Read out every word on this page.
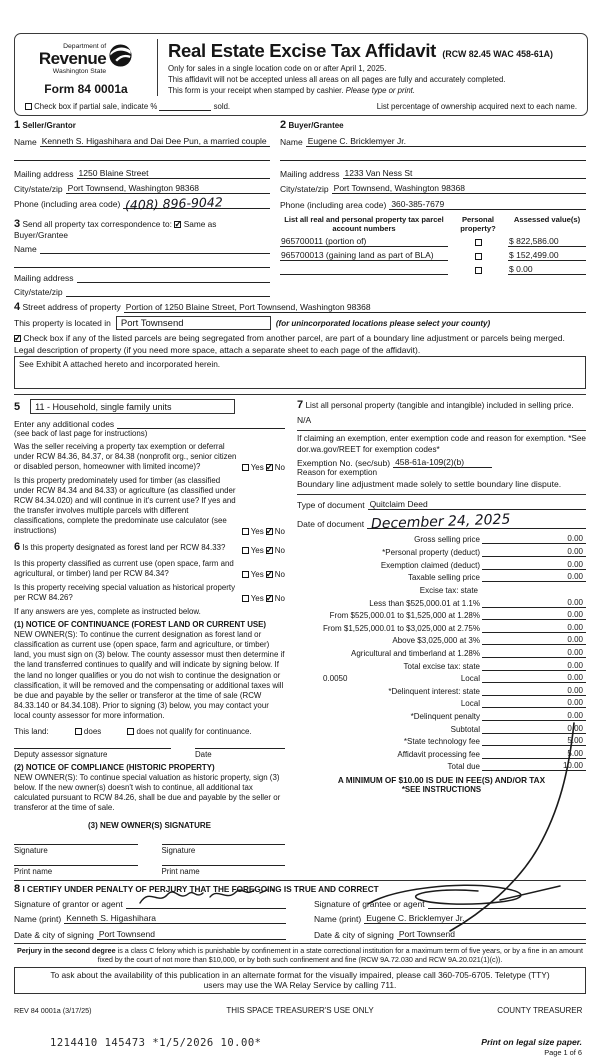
Department of
Revenue
Washington State
Form 84 0001a
Real Estate Excise Tax Affidavit (RCW 82.45 WAC 458-61A)
Only for sales in a single location code on or after April 1, 2025.
This affidavit will not be accepted unless all areas on all pages are fully and accurately completed.
This form is your receipt when stamped by cashier. Please type or print.
Check box if partial sale, indicate %	sold.	List percentage of ownership acquired next to each name.
1 Seller/Grantor
Name Kenneth S. Higashihara and Dai Dee Pun, a married couple
Mailing address 1250 Blaine Street
City/state/zip Port Townsend, Washington 98368
Phone (including area code) (408) 896-9042
3 Send all property tax correspondence to: ✓ Same as Buyer/Grantee
Name
Mailing address
City/state/zip
2 Buyer/Grantee
Name Eugene C. Bricklemyer Jr.
Mailing address 1233 Van Ness St
City/state/zip Port Townsend, Washington 98368
Phone (including area code) 360-385-7679
List all real and personal property tax parcel account numbers
Personal property?
Assessed value(s)
965700011 (portion of)	$ 822,586.00
965700013 (gaining land as part of BLA)	$ 152,499.00
$ 0.00
4 Street address of property Portion of 1250 Blaine Street, Port Townsend, Washington 98368
This property is located in	Port Townsend	(for unincorporated locations please select your county)
✓ Check box if any of the listed parcels are being segregated from another parcel, are part of a boundary line adjustment or parcels being merged.
Legal description of property (if you need more space, attach a separate sheet to each page of the affidavit).
See Exhibit A attached hereto and incorporated herein.
5	11 - Household, single family units
Enter any additional codes
(see back of last page for instructions)
Was the seller receiving a property tax exemption or deferral under RCW 84.36, 84.37, or 84.38 (nonprofit org., senior citizen or disabled person, homeowner with limited income)?	Yes ✓ No
Is this property predominately used for timber (as classified under RCW 84.34 and 84.33) or agriculture (as classified under RCW 84.34.020) and will continue in it's current use? If yes and the transfer involves multiple parcels with different classifications, complete the predominate use calculator (see instructions)	Yes ✓ No
6 Is this property designated as forest land per RCW 84.33?	Yes ✓ No
Is this property classified as current use (open space, farm and agricultural, or timber) land per RCW 84.34?	Yes ✓ No
Is this property receiving special valuation as historical property per RCW 84.26?	Yes ✓ No
If any answers are yes, complete as instructed below.
(1) NOTICE OF CONTINUANCE (FOREST LAND OR CURRENT USE)
NEW OWNER(S): To continue the current designation as forest land or classification as current use (open space, farm and agriculture, or timber) land, you must sign on (3) below. The county assessor must then determine if the land transferred continues to qualify and will indicate by signing below. If the land no longer qualifies or you do not wish to continue the designation or classification, it will be removed and the compensating or additional taxes will be due and payable by the seller or transferor at the time of sale (RCW 84.33.140 or 84.34.108). Prior to signing (3) below, you may contact your local county assessor for more information.
This land:	does	does not qualify for continuance.
Deputy assessor signature	Date
(2) NOTICE OF COMPLIANCE (HISTORIC PROPERTY)
NEW OWNER(S): To continue special valuation as historic property, sign (3) below. If the new owner(s) doesn't wish to continue, all additional tax calculated pursuant to RCW 84.26, shall be due and payable by the seller or transferor at the time of sale.
(3) NEW OWNER(S) SIGNATURE
Signature	Signature
Print name	Print name
7 List all personal property (tangible and intangible) included in selling price.
N/A
If claiming an exemption, enter exemption code and reason for exemption. *See dor.wa.gov/REET for exemption codes*
Exemption No. (sec/sub) 458-61a-109(2)(b)
Reason for exemption
Boundary line adjustment made solely to settle boundary line dispute.
Type of document Quitclaim Deed
Date of document December 24, 2025
Gross selling price	0.00
*Personal property (deduct)	0.00
Exemption claimed (deduct)	0.00
Taxable selling price	0.00
Excise tax: state
Less than $525,000.01 at 1.1%	0.00
From $525,000.01 to $1,525,000 at 1.28%	0.00
From $1,525,000.01 to $3,025,000 at 2.75%	0.00
Above $3,025,000 at 3%	0.00
Agricultural and timberland at 1.28%	0.00
Total excise tax: state	0.00
0.0050	Local	0.00
*Delinquent interest: state	0.00
Local	0.00
*Delinquent penalty	0.00
Subtotal	0.00
*State technology fee	5.00
Affidavit processing fee	5.00
Total due	10.00
A MINIMUM OF $10.00 IS DUE IN FEE(S) AND/OR TAX
*SEE INSTRUCTIONS
8 I CERTIFY UNDER PENALTY OF PERJURY THAT THE FOREGOING IS TRUE AND CORRECT
Signature of grantor or agent
Name (print) Kenneth S. Higashihara
Date & city of signing Port Townsend
Signature of grantee or agent
Name (print) Eugene C. Bricklemyer Jr.
Date & city of signing Port Townsend
Perjury in the second degree is a class C felony which is punishable by confinement in a state correctional institution for a maximum term of five years, or by a fine in an amount fixed by the court of not more than $10,000, or by both such confinement and fine (RCW 9A.72.030 and RCW 9A.20.021(1)(c)).
To ask about the availability of this publication in an alternate format for the visually impaired, please call 360-705-6705. Teletype (TTY) users may use the WA Relay Service by calling 711.
REV 84 0001a (3/17/25)	THIS SPACE TREASURER'S USE ONLY	COUNTY TREASURER
1214410 145473 *1/5/2026 10.00*	Print on legal size paper.
Page 1 of 6
